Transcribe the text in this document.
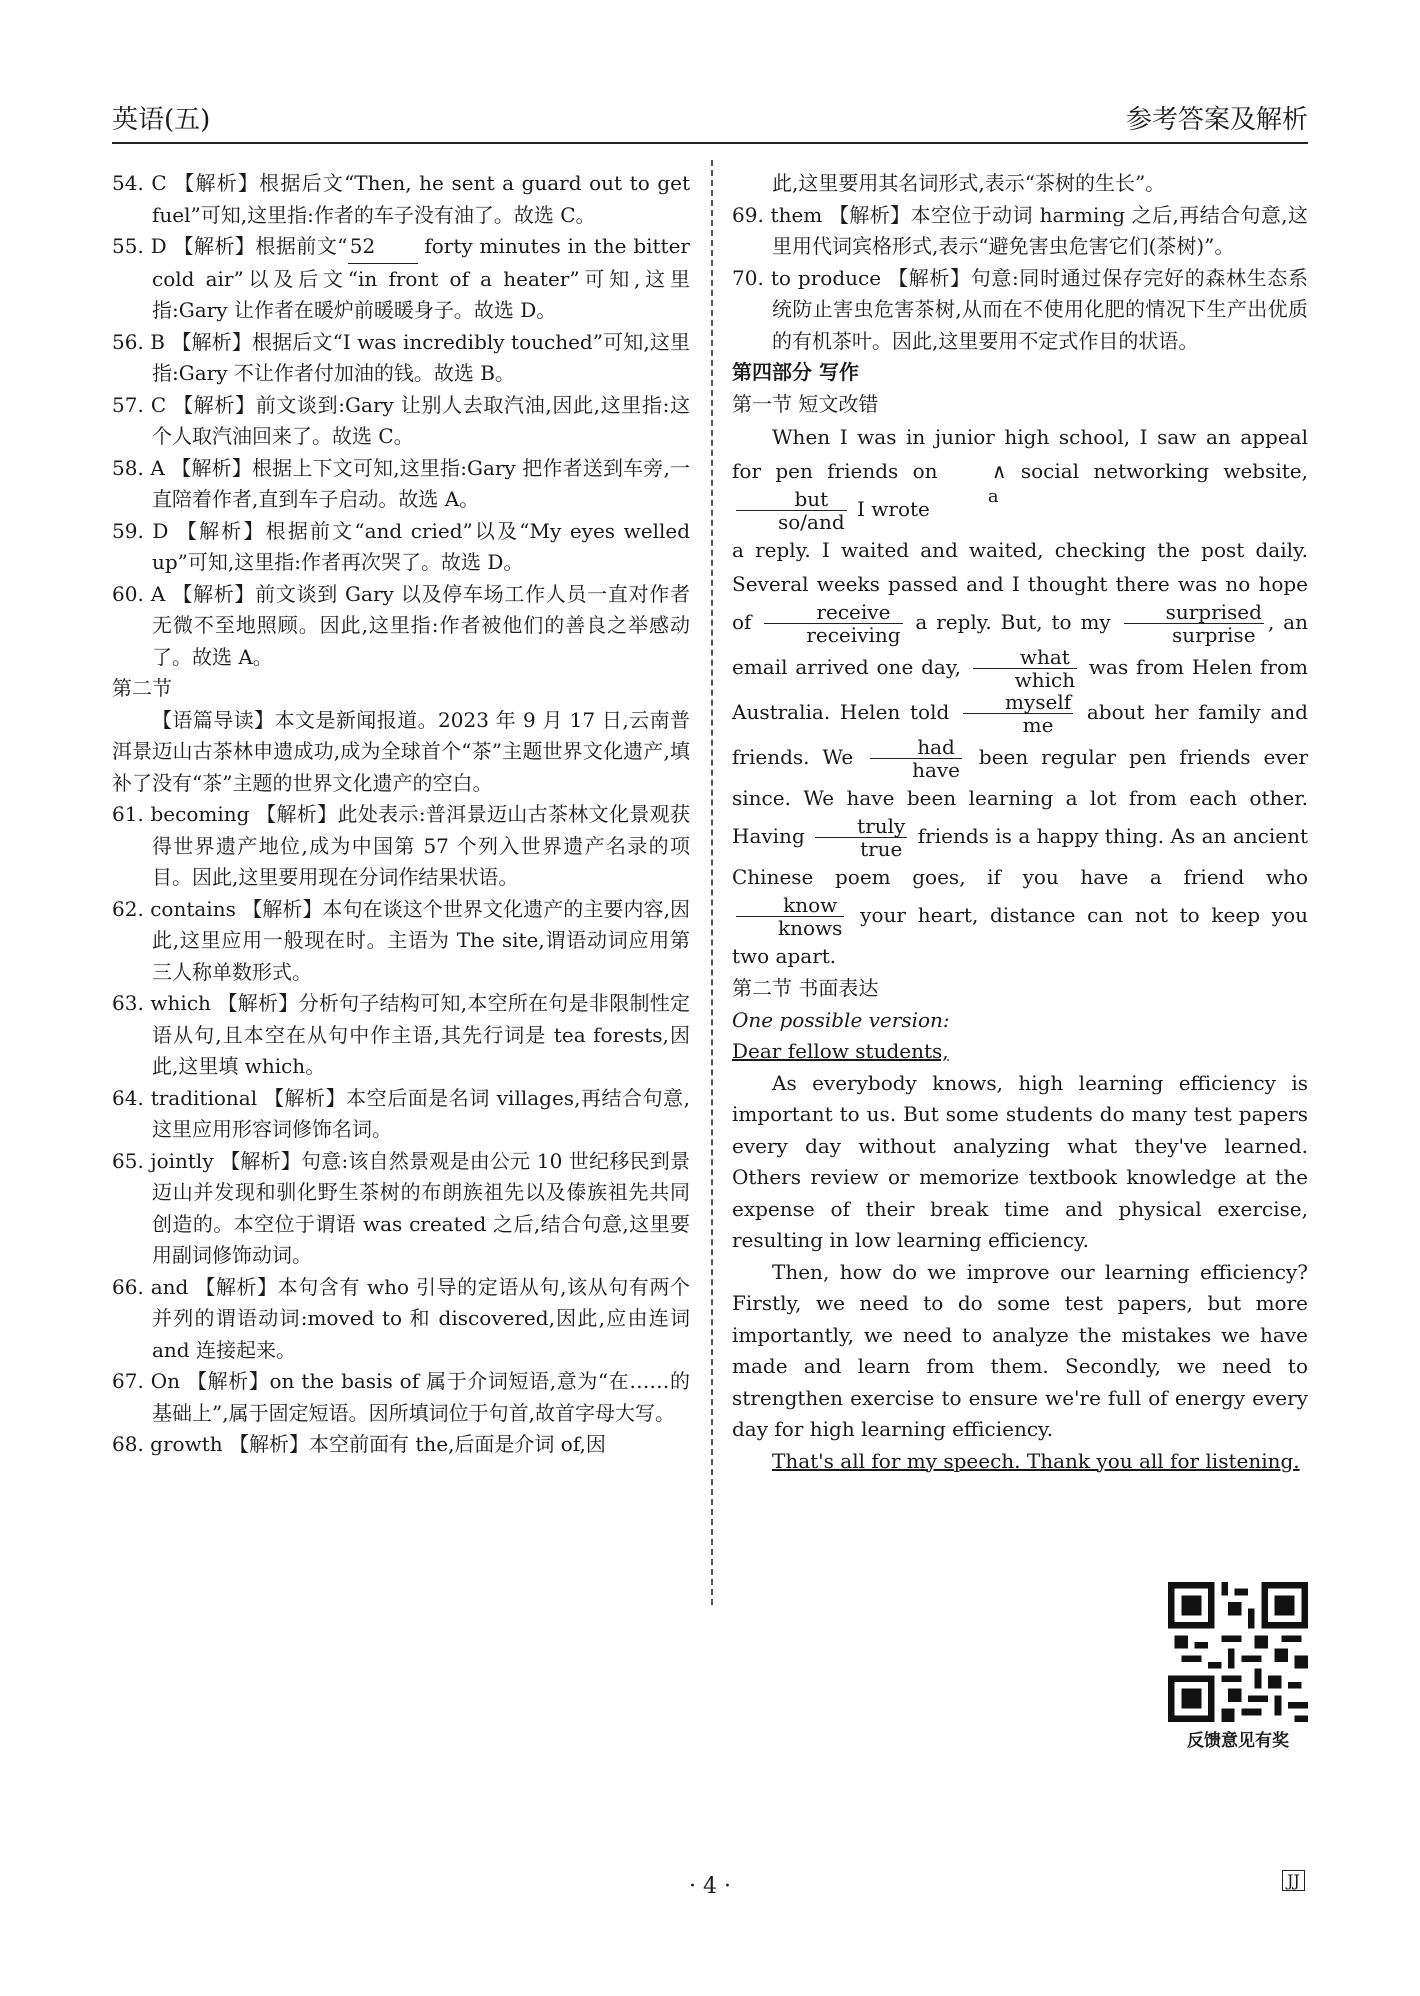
英语(五)	参考答案及解析

54. C 【解析】根据后文“Then, he sent a guard out to get fuel”可知,这里指:作者的车子没有油了。故选 C。

55. D 【解析】根据前文“ 52 forty minutes in the bitter cold air”以及后文“in front of a heater”可知,这里指:Gary 让作者在暖炉前暖暖身子。故选 D。

56. B 【解析】根据后文“I was incredibly touched”可知,这里指:Gary 不让作者付加油的钱。故选 B。

57. C 【解析】前文谈到:Gary 让别人去取汽油,因此,这里指:这个人取汽油回来了。故选 C。

58. A 【解析】根据上下文可知,这里指:Gary 把作者送到车旁,一直陪着作者,直到车子启动。故选 A。

59. D 【解析】根据前文“and cried”以及“My eyes welled up”可知,这里指:作者再次哭了。故选 D。

60. A 【解析】前文谈到 Gary 以及停车场工作人员一直对作者无微不至地照顾。因此,这里指:作者被他们的善良之举感动了。故选 A。

第二节

【语篇导读】本文是新闻报道。2023 年 9 月 17 日,云南普洱景迈山古茶林申遗成功,成为全球首个“茶”主题世界文化遗产,填补了没有“茶”主题的世界文化遗产的空白。

61. becoming 【解析】此处表示:普洱景迈山古茶林文化景观获得世界遗产地位,成为中国第 57 个列入世界遗产名录的项目。因此,这里要用现在分词作结果状语。

62. contains 【解析】本句在谈这个世界文化遗产的主要内容,因此,这里应用一般现在时。主语为 The site,谓语动词应用第三人称单数形式。

63. which 【解析】分析句子结构可知,本空所在句是非限制性定语从句,且本空在从句中作主语,其先行词是 tea forests,因此,这里填 which。

64. traditional 【解析】本空后面是名词 villages,再结合句意,这里应用形容词修饰名词。

65. jointly 【解析】句意:该自然景观是由公元 10 世纪移民到景迈山并发现和驯化野生茶树的布朗族祖先以及傣族祖先共同创造的。本空位于谓语 was created 之后,结合句意,这里要用副词修饰动词。

66. and 【解析】本句含有 who 引导的定语从句,该从句有两个并列的谓语动词:moved to 和 discovered,因此,应由连词 and 连接起来。

67. On 【解析】on the basis of 属于介词短语,意为“在……的基础上”,属于固定短语。因所填词位于句首,故首字母大写。

68. growth 【解析】本空前面有 the,后面是介词 of,因

此,这里要用其名词形式,表示“茶树的生长”。

69. them 【解析】本空位于动词 harming 之后,再结合句意,这里用代词宾格形式,表示“避免害虫危害它们(茶树)”。

70. to produce 【解析】句意:同时通过保存完好的森林生态系统防止害虫危害茶树,从而在不使用化肥的情况下生产出优质的有机茶叶。因此,这里要用不定式作目的状语。

第四部分 写作

第一节 短文改错

When I was in junior high school, I saw an appeal for pen friends on ∧
a
social networking website,
$\frac{\text{but}}{\text{so/and}}$ I wrote
a reply. I waited and waited, checking the post daily. Several weeks passed and I thought there was no hope of $\frac{\text{receive}}{\text{receiving}}$ a reply. But, to my $\frac{\text{surprised}}{\text{surprise}}$ , an email arrived one day, $\frac{\text{what}}{\text{which}}$ was from Helen from Australia. Helen told $\frac{\text{myself}}{me}$ about her family and friends. We $\frac{\text{had}}{\text{have}}$ been regular pen friends ever since. We have been learning a lot from each other. Having $\frac{\text{truly}}{\text{true}}$ friends is a happy thing. As an ancient Chinese poem goes, if you have a friend who
$\frac{\text{know}}{\text{knows}}$ your heart, distance can not to keep you two apart.

第二节 书面表达

One possible version:

Dear fellow students,

As everybody knows, high learning efficiency is important to us. But some students do many test papers every day without analyzing what they've learned. Others review or memorize textbook knowledge at the expense of their break time and physical exercise, resulting in low learning efficiency.

Then, how do we improve our learning efficiency? Firstly, we need to do some test papers, but more importantly, we need to analyze the mistakes we have made and learn from them. Secondly, we need to strengthen exercise to ensure we're full of energy every day for high learning efficiency.

That's all for my speech. Thank you all for listening.

反馈意见有奖
· 4 ·	JJ
